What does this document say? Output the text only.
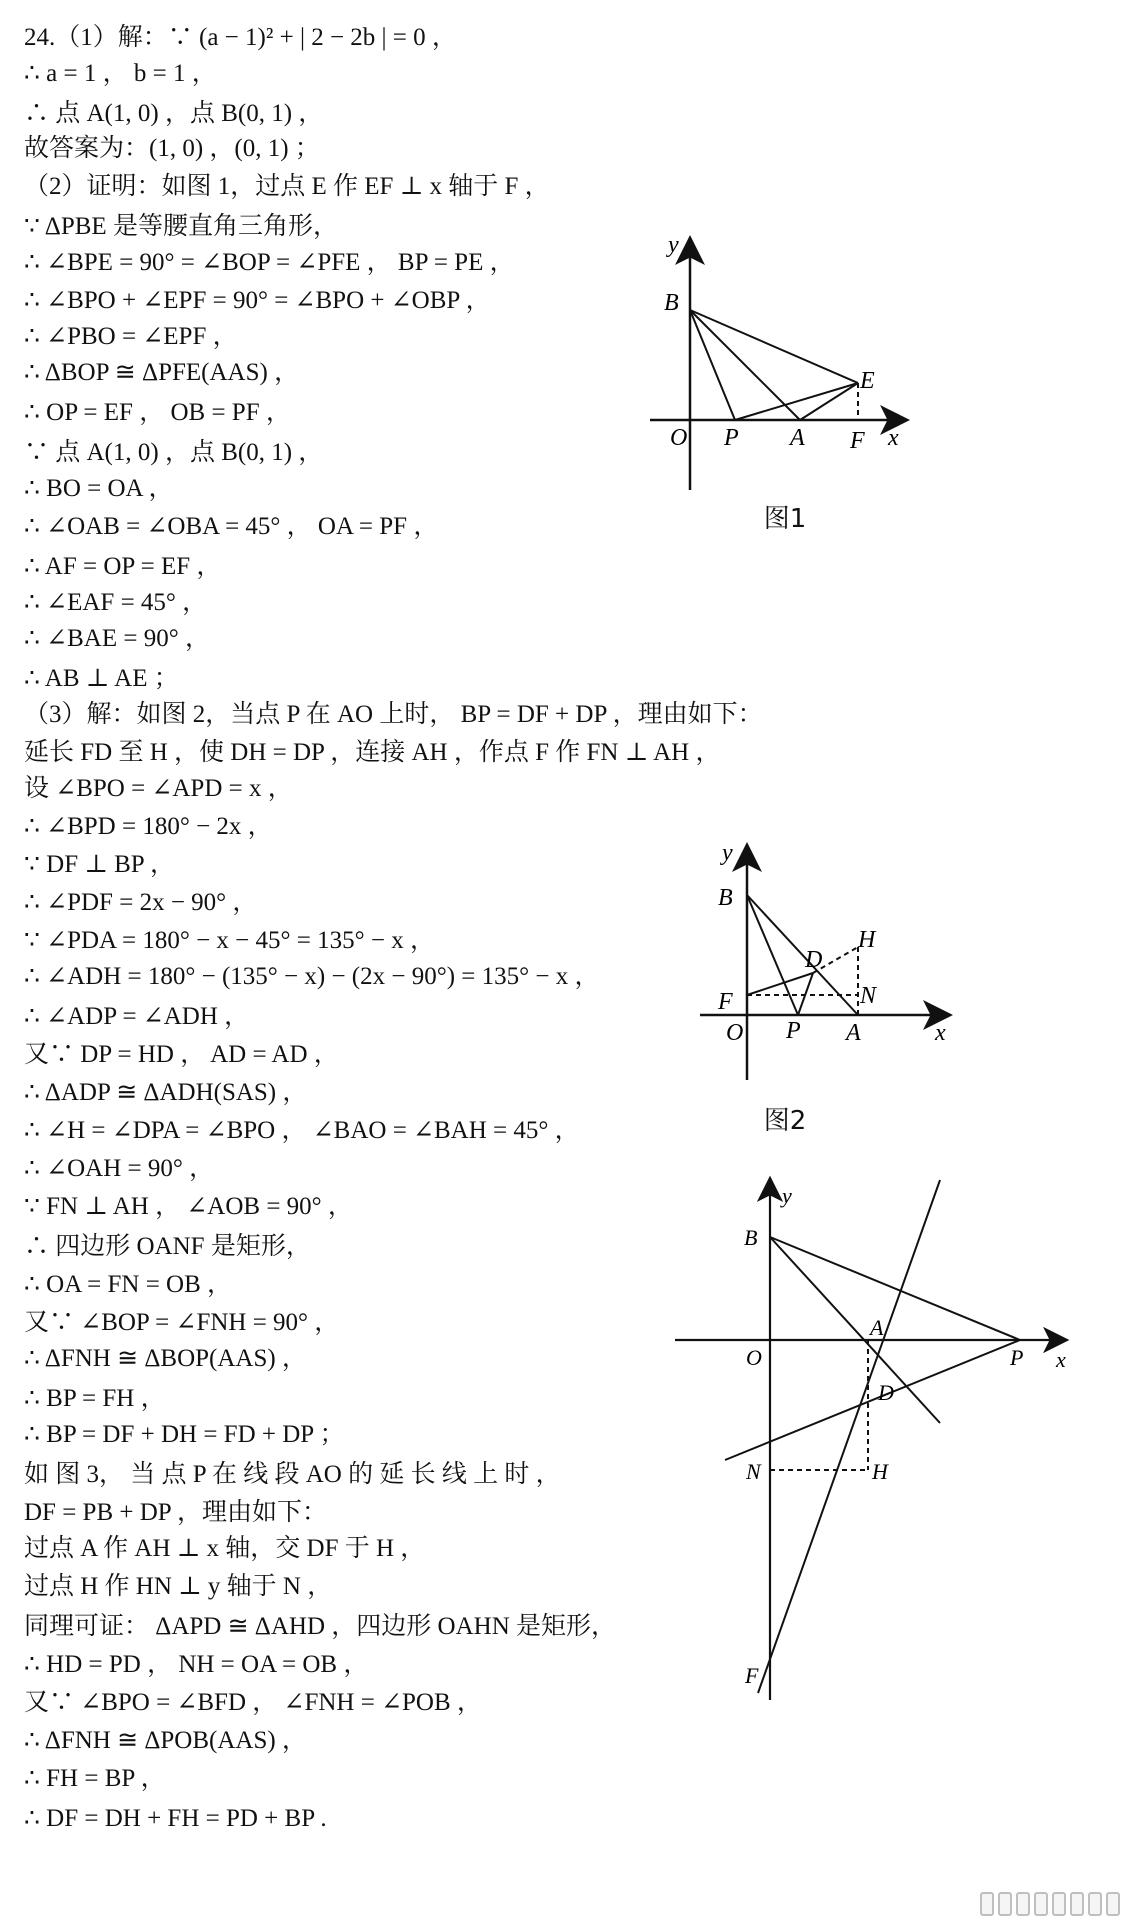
24.（1）解：∵ (a − 1)² + | 2 − 2b | = 0 ，
∴ a = 1 ， b = 1 ，
∴ 点 A(1, 0) ，点 B(0, 1) ，
故答案为：(1, 0) ，(0, 1) ；
（2）证明：如图 1，过点 E 作 EF ⊥ x 轴于 F ，
∵ ΔPBE 是等腰直角三角形，
∴ ∠BPE = 90° = ∠BOP = ∠PFE ， BP = PE ，
∴ ∠BPO + ∠EPF = 90° = ∠BPO + ∠OBP ，
∴ ∠PBO = ∠EPF ，
∴ ΔBOP ≅ ΔPFE(AAS) ，
∴ OP = EF ， OB = PF ，
∵ 点 A(1, 0) ，点 B(0, 1) ，
∴ BO = OA ，
∴ ∠OAB = ∠OBA = 45° ， OA = PF ，
∴ AF = OP = EF ，
∴ ∠EAF = 45° ，
∴ ∠BAE = 90° ，
∴ AB ⊥ AE ；
（3）解：如图 2，当点 P 在 AO 上时， BP = DF + DP ，理由如下：
延长 FD 至 H ，使 DH = DP ，连接 AH ，作点 F 作 FN ⊥ AH ，
设 ∠BPO = ∠APD = x ，
∴ ∠BPD = 180° − 2x ，
∵ DF ⊥ BP ，
∴ ∠PDF = 2x − 90° ，
∵ ∠PDA = 180° − x − 45° = 135° − x ，
∴ ∠ADH = 180° − (135° − x) − (2x − 90°) = 135° − x ，
∴ ∠ADP = ∠ADH ，
又∵ DP = HD ， AD = AD ，
∴ ΔADP ≅ ΔADH(SAS) ，
∴ ∠H = ∠DPA = ∠BPO ， ∠BAO = ∠BAH = 45° ，
∴ ∠OAH = 90° ，
∵ FN ⊥ AH ， ∠AOB = 90° ，
∴ 四边形 OANF 是矩形，
∴ OA = FN = OB ，
又∵ ∠BOP = ∠FNH = 90° ，
∴ ΔFNH ≅ ΔBOP(AAS) ，
∴ BP = FH ，
∴ BP = DF + DH = FD + DP ；
如 图 3， 当 点 P 在 线 段 AO 的 延 长 线 上 时 ，
DF = PB + DP ，理由如下：
过点 A 作 AH ⊥ x 轴，交 DF 于 H ，
过点 H 作 HN ⊥ y 轴于 N ，
同理可证： ΔAPD ≅ ΔAHD ，四边形 OAHN 是矩形，
∴ HD = PD ， NH = OA = OB ，
又∵ ∠BPO = ∠BFD ， ∠FNH = ∠POB ，
∴ ΔFNH ≅ ΔPOB(AAS) ，
∴ FH = BP ，
∴ DF = DH + FH = PD + BP .
y
B
E
O P A F x
图1
y
B
D
H
F	N
O P A	x
图2
y
B
A
O	P x
D
N	H
F
